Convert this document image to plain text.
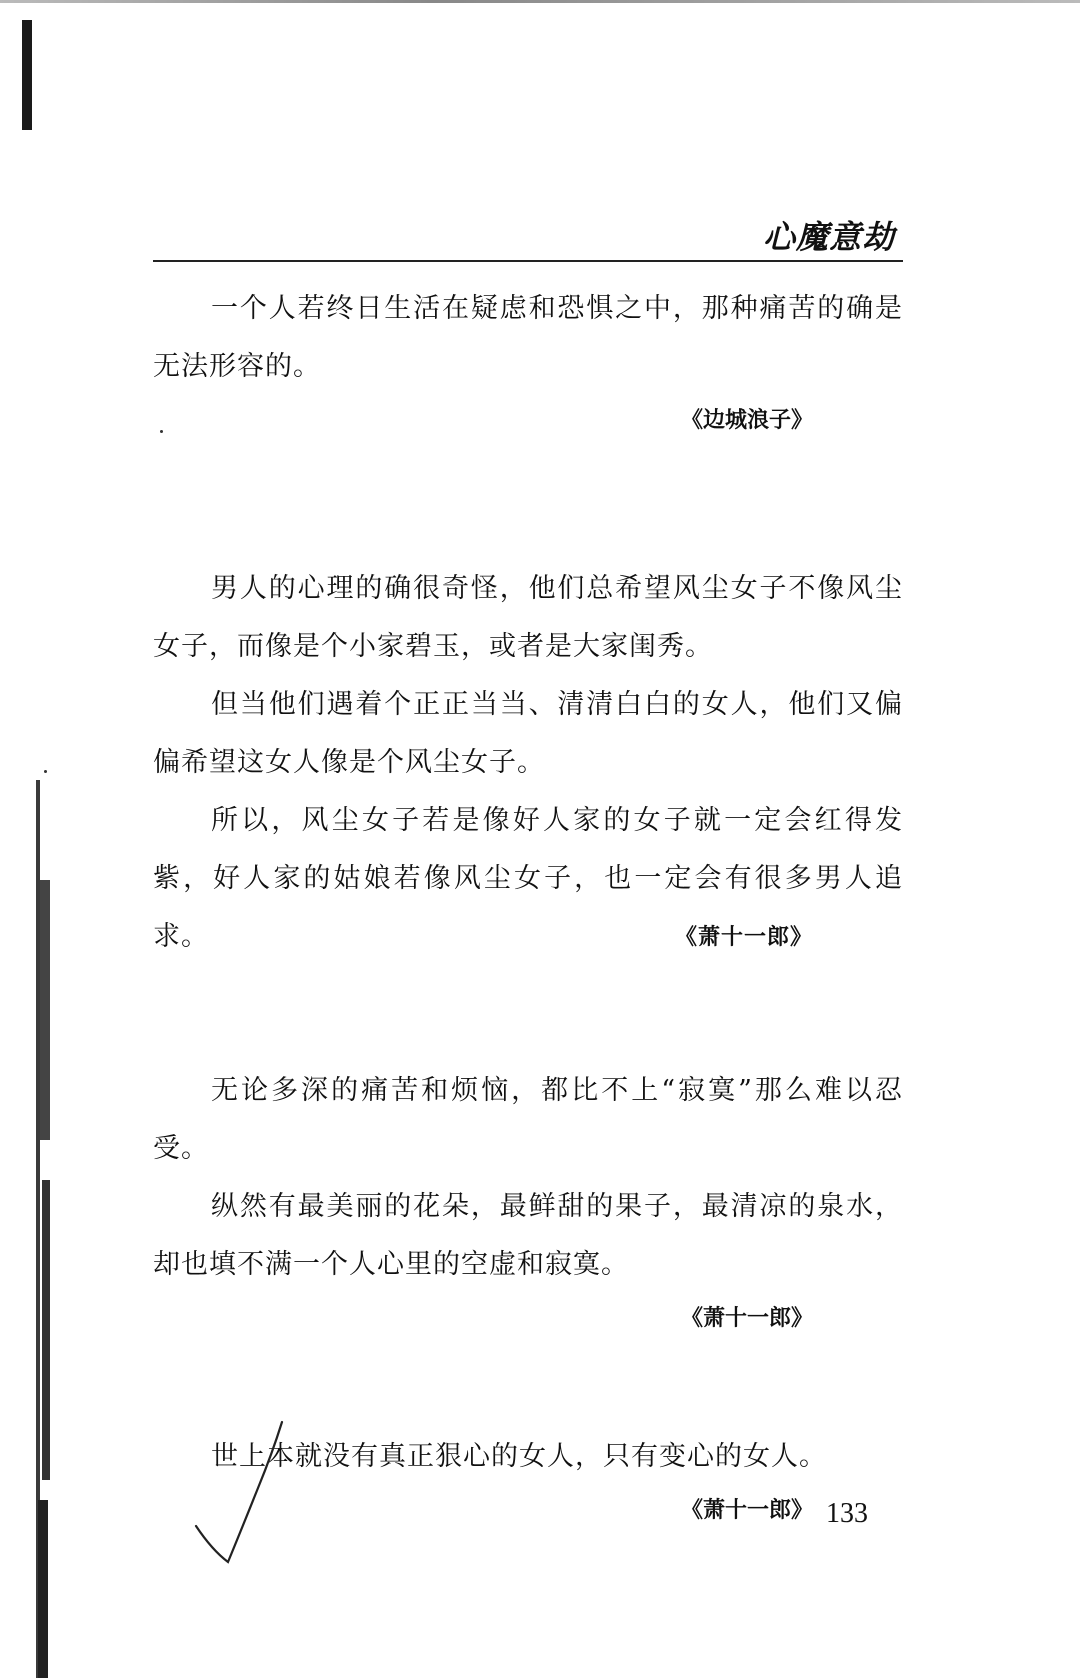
心魔意劫

一个人若终日生活在疑虑和恐惧之中，那种痛苦的确是无法形容的。

《边城浪子》

男人的心理的确很奇怪，他们总希望风尘女子不像风尘女子，而像是个小家碧玉，或者是大家闺秀。

但当他们遇着个正正当当、清清白白的女人，他们又偏偏希望这女人像是个风尘女子。

所以，风尘女子若是像好人家的女子就一定会红得发紫，好人家的姑娘若像风尘女子，也一定会有很多男人追求。	《萧十一郎》

无论多深的痛苦和烦恼，都比不上“寂寞”那么难以忍受。

纵然有最美丽的花朵，最鲜甜的果子，最清凉的泉水，却也填不满一个人心里的空虚和寂寞。

《萧十一郎》

世上本就没有真正狠心的女人，只有变心的女人。

《萧十一郎》 133
